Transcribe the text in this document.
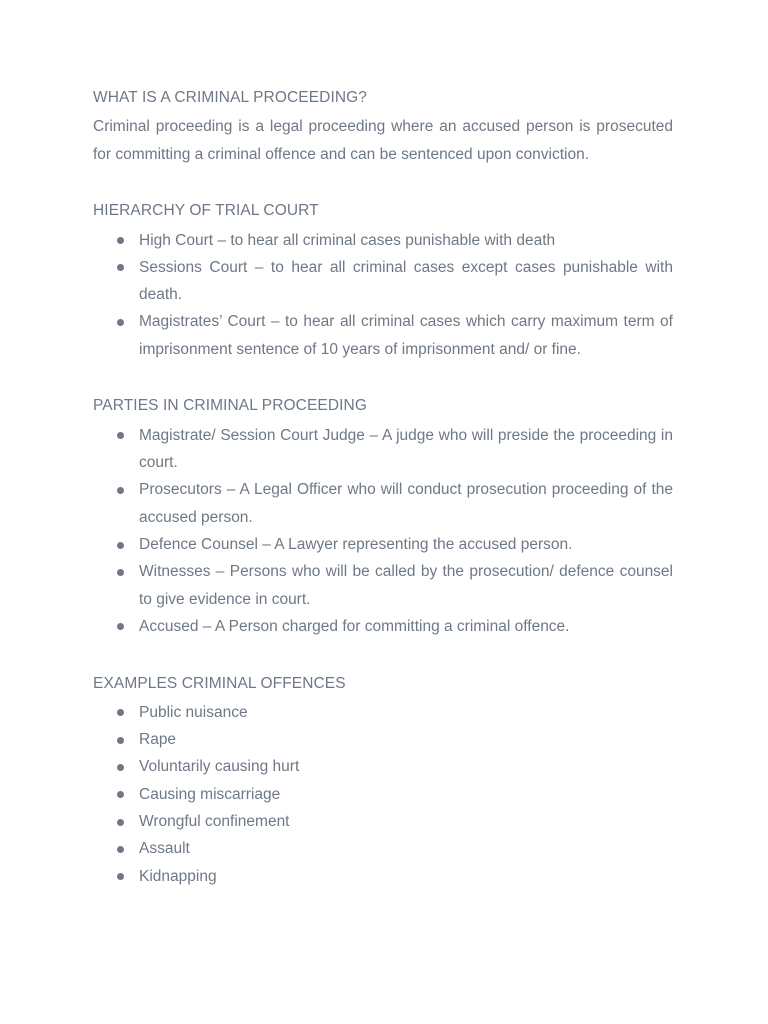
WHAT IS A CRIMINAL PROCEEDING?

Criminal proceeding is a legal proceeding where an accused person is prosecuted for committing a criminal offence and can be sentenced upon conviction.

HIERARCHY OF TRIAL COURT
High Court – to hear all criminal cases punishable with death
Sessions Court – to hear all criminal cases except cases punishable with death.
Magistrates’ Court – to hear all criminal cases which carry maximum term of imprisonment sentence of 10 years of imprisonment and/ or fine.
PARTIES IN CRIMINAL PROCEEDING
Magistrate/ Session Court Judge – A judge who will preside the proceeding in court.
Prosecutors – A Legal Officer who will conduct prosecution proceeding of the accused person.
Defence Counsel – A Lawyer representing the accused person.
Witnesses – Persons who will be called by the prosecution/ defence counsel to give evidence in court.
Accused – A Person charged for committing a criminal offence.
EXAMPLES CRIMINAL OFFENCES
Public nuisance
Rape
Voluntarily causing hurt
Causing miscarriage
Wrongful confinement
Assault
Kidnapping
